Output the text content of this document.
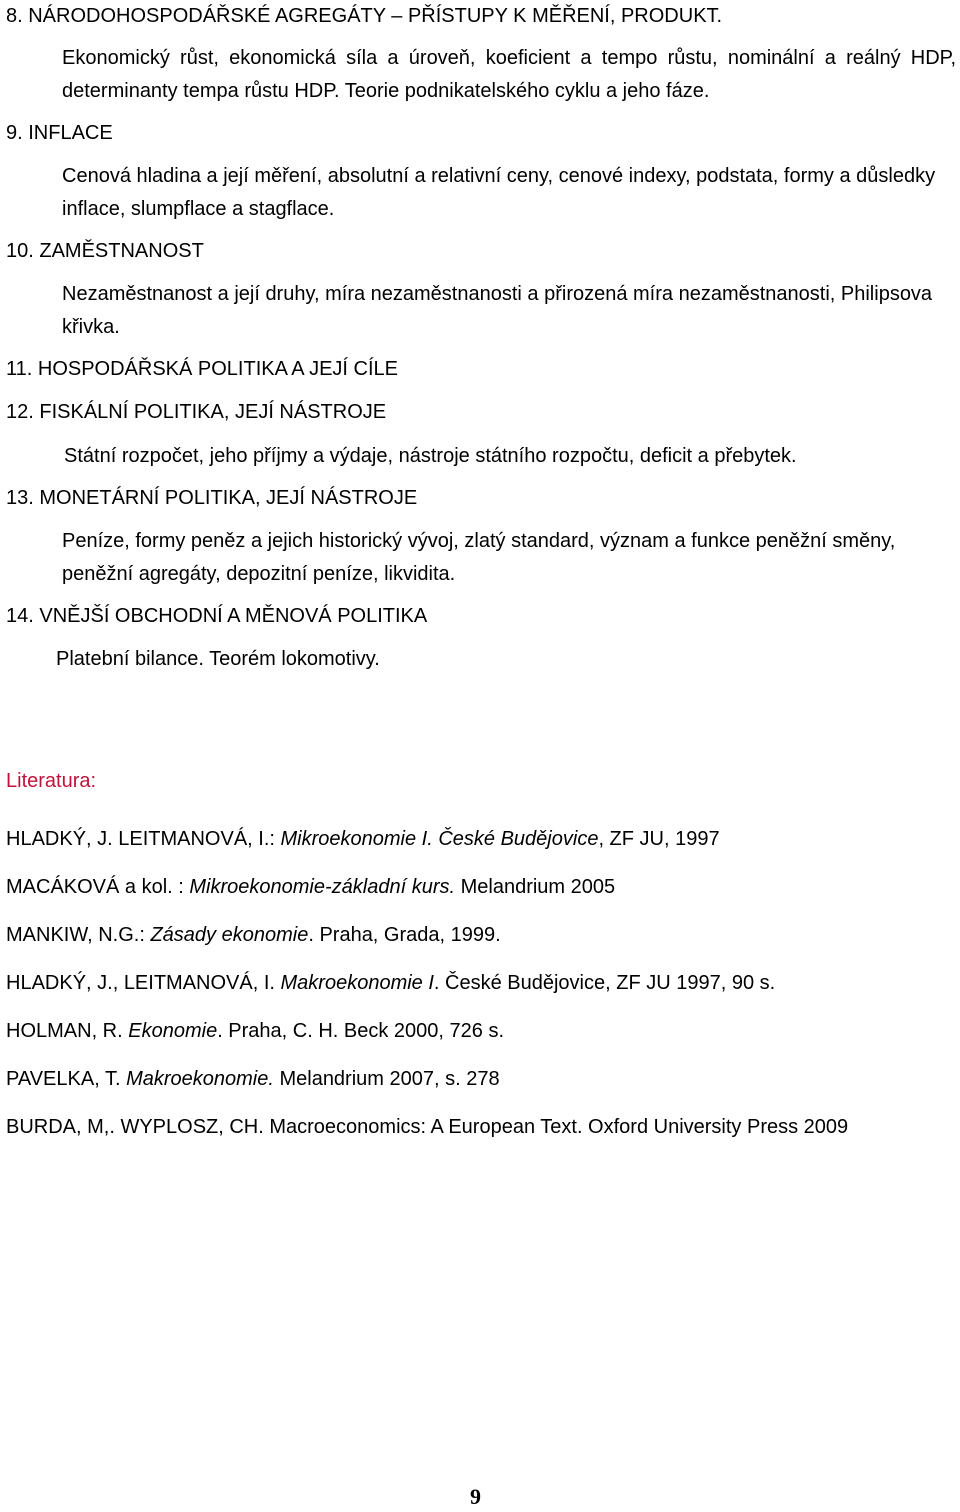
8. NÁRODOHOSPODÁŘSKÉ AGREGÁTY – PŘÍSTUPY K MĚŘENÍ, PRODUKT.
Ekonomický růst, ekonomická síla a úroveň, koeficient a tempo růstu, nominální a reálný HDP, determinanty tempa růstu HDP. Teorie podnikatelského cyklu a jeho fáze.
9. INFLACE
Cenová hladina a její měření, absolutní a relativní ceny, cenové indexy, podstata, formy a důsledky inflace, slumpflace a stagflace.
10. ZAMĚSTNANOST
Nezaměstnanost a její druhy, míra nezaměstnanosti a přirozená míra nezaměstnanosti, Philipsova křivka.
11. HOSPODÁŘSKÁ POLITIKA A JEJÍ CÍLE
12. FISKÁLNÍ POLITIKA, JEJÍ NÁSTROJE
Státní rozpočet, jeho příjmy a výdaje, nástroje státního rozpočtu, deficit a přebytek.
13. MONETÁRNÍ POLITIKA, JEJÍ NÁSTROJE
Peníze, formy peněz a jejich historický vývoj, zlatý standard, význam a funkce peněžní směny, peněžní agregáty, depozitní peníze, likvidita.
14. VNĚJŠÍ OBCHODNÍ A MĚNOVÁ POLITIKA
Platební bilance. Teorém lokomotivy.
Literatura:
HLADKÝ, J. LEITMANOVÁ, I.: Mikroekonomie I. České Budějovice, ZF JU, 1997
MACÁKOVÁ a kol. : Mikroekonomie-základní kurs. Melandrium 2005
MANKIW, N.G.: Zásady ekonomie. Praha, Grada, 1999.
HLADKÝ, J., LEITMANOVÁ, I. Makroekonomie I. České Budějovice, ZF JU 1997, 90 s.
HOLMAN, R. Ekonomie. Praha, C. H. Beck 2000, 726 s.
PAVELKA, T. Makroekonomie. Melandrium 2007, s. 278
BURDA, M,. WYPLOSZ, CH. Macroeconomics: A European Text. Oxford University Press 2009
9
